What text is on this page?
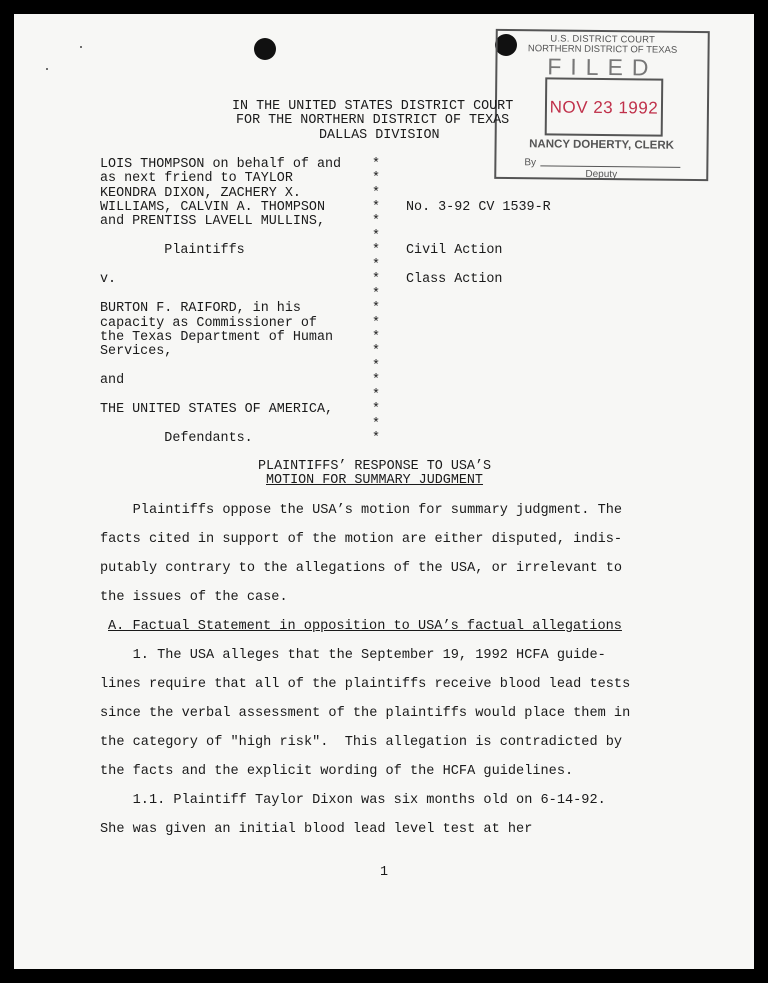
U.S. DISTRICT COURT
NORTHERN DISTRICT OF TEXAS
FILED
NOV 23 1992
NANCY DOHERTY, CLERK
By
Deputy
IN THE UNITED STATES DISTRICT COURT
FOR THE NORTHERN DISTRICT OF TEXAS
DALLAS DIVISION
LOIS THOMPSON on behalf of and
as next friend to TAYLOR
KEONDRA DIXON, ZACHERY X.
WILLIAMS, CALVIN A. THOMPSON
and PRENTISS LAVELL MULLINS,
Plaintiffs
v.
BURTON F. RAIFORD, in his
capacity as Commissioner of
the Texas Department of Human
Services,
and
THE UNITED STATES OF AMERICA,
Defendants.
*
*
*
*
*
*
*
*
*
*
*
*
*
*
*
*
*
*
*
*
No. 3-92 CV 1539-R
Civil Action
Class Action
PLAINTIFFS’ RESPONSE TO USA’S
MOTION FOR SUMMARY JUDGMENT
Plaintiffs oppose the USA’s motion for summary judgment. The
facts cited in support of the motion are either disputed, indis-
putably contrary to the allegations of the USA, or irrelevant to
the issues of the case.
A. Factual Statement in opposition to USA’s factual allegations
1. The USA alleges that the September 19, 1992 HCFA guide-
lines require that all of the plaintiffs receive blood lead tests
since the verbal assessment of the plaintiffs would place them in
the category of "high risk".  This allegation is contradicted by
the facts and the explicit wording of the HCFA guidelines.
1.1. Plaintiff Taylor Dixon was six months old on 6-14-92.
She was given an initial blood lead level test at her
1
